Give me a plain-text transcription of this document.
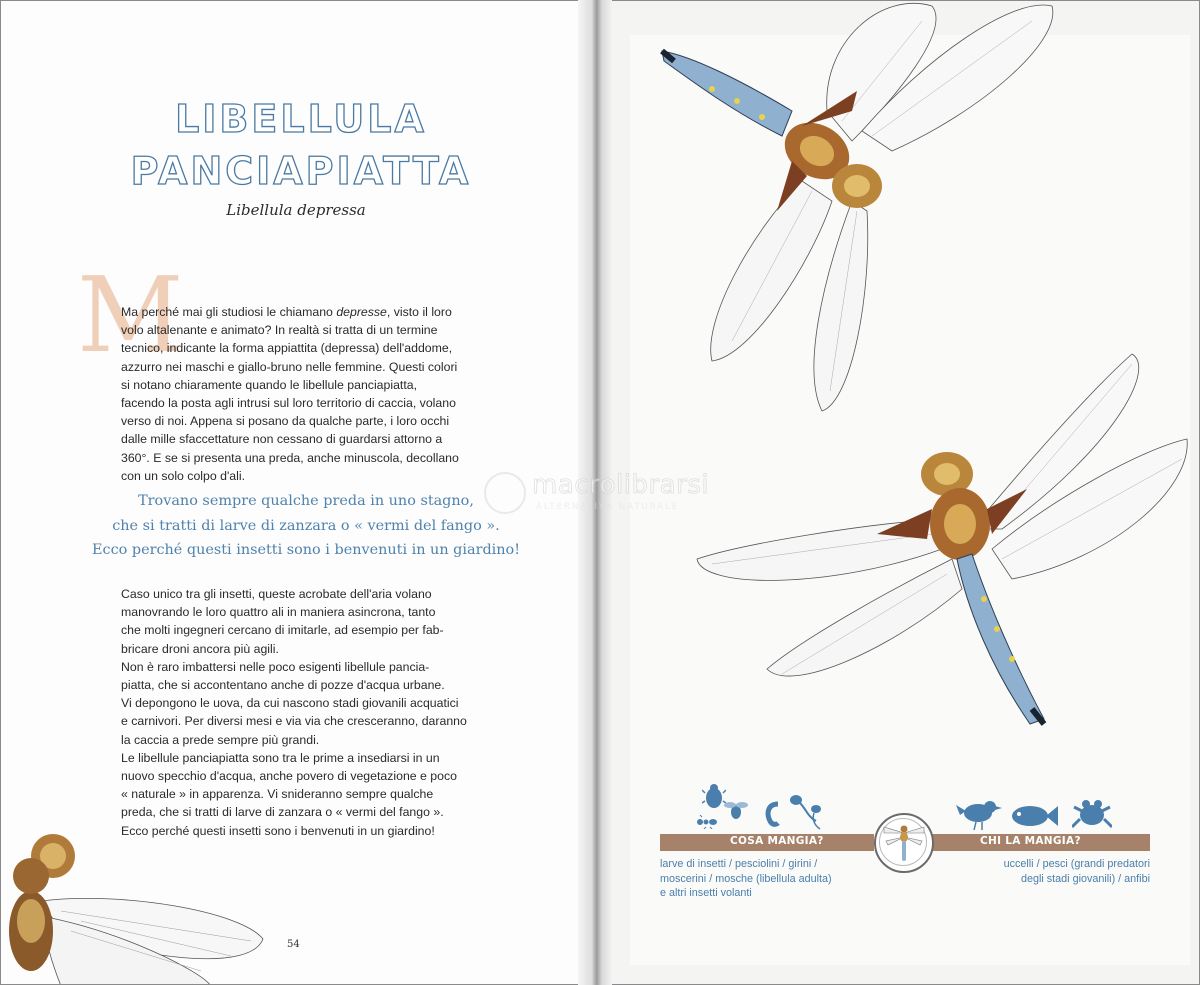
LIBELLULA
PANCIAPIATTA
Libellula depressa
M
Ma perché mai gli studiosi le chiamano depresse, visto il loro
volo altalenante e animato? In realtà si tratta di un termine
tecnico, indicante la forma appiattita (depressa) dell'addome,
azzurro nei maschi e giallo-bruno nelle femmine. Questi colori
si notano chiaramente quando le libellule panciapiatta,
facendo la posta agli intrusi sul loro territorio di caccia, volano
verso di noi. Appena si posano da qualche parte, i loro occhi
dalle mille sfaccettature non cessano di guardarsi attorno a
360°. E se si presenta una preda, anche minuscola, decollano
con un solo colpo d'ali.
Trovano sempre qualche preda in uno stagno,
che si tratti di larve di zanzara o « vermi del fango ».
Ecco perché questi insetti sono i benvenuti in un giardino!
Caso unico tra gli insetti, queste acrobate dell'aria volano
manovrando le loro quattro ali in maniera asincrona, tanto
che molti ingegneri cercano di imitarle, ad esempio per fab-
bricare droni ancora più agili.
Non è raro imbattersi nelle poco esigenti libellule pancia-
piatta, che si accontentano anche di pozze d'acqua urbane.
Vi depongono le uova, da cui nascono stadi giovanili acquatici
e carnivori. Per diversi mesi e via via che cresceranno, daranno
la caccia a prede sempre più grandi.
Le libellule panciapiatta sono tra le prime a insediarsi in un
nuovo specchio d'acqua, anche povero di vegetazione e poco
« naturale » in apparenza. Vi snideranno sempre qualche
preda, che si tratti di larve di zanzara o « vermi del fango ».
Ecco perché questi insetti sono i benvenuti in un giardino!
54
COSA MANGIA?	CHI LA MANGIA?
larve di insetti / pesciolini / girini /
moscerini / mosche (libellula adulta)
e altri insetti volanti
uccelli / pesci (grandi predatori
degli stadi giovanili) / anfibi
macrolibrarsi
ALTERNATIVA NATURALE
